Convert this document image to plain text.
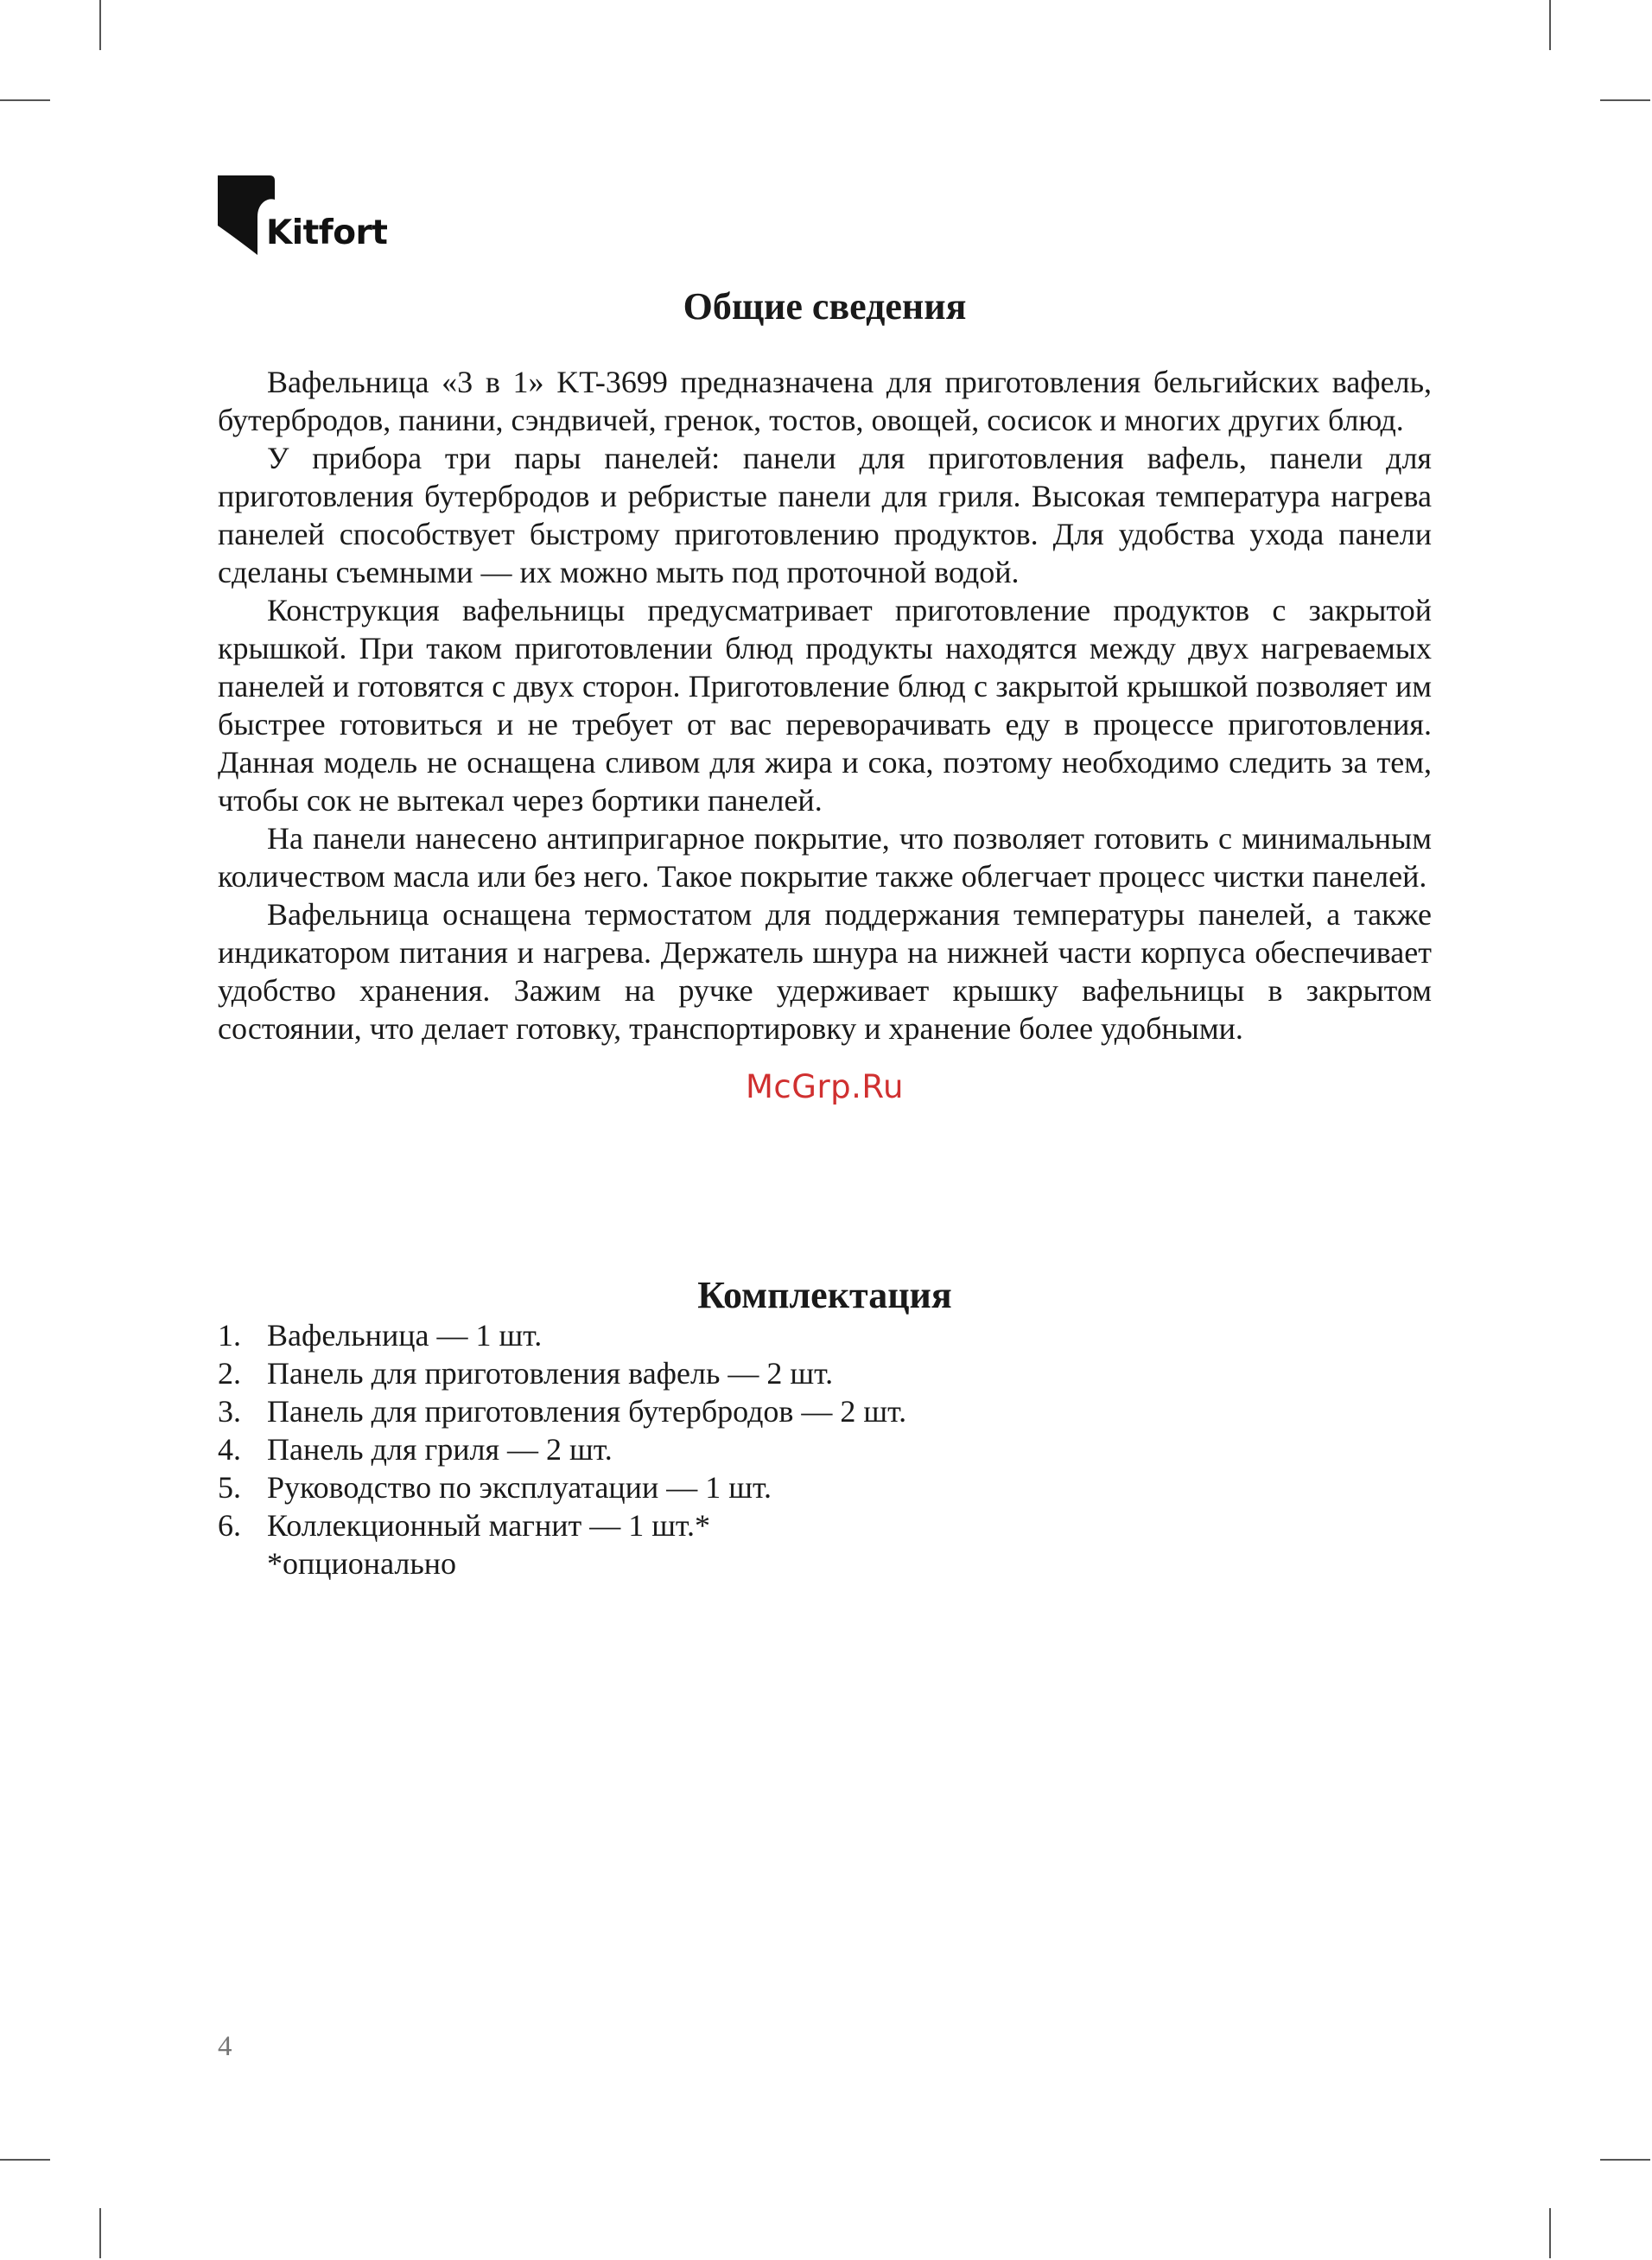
Kitfort
Общие сведения

Вафельница «3 в 1» KT-3699 предназначена для приготовления бельгийских вафель, бутербродов, панини, сэндвичей, гренок, тостов, овощей, сосисок и многих других блюд.

У прибора три пары панелей: панели для приготовления вафель, панели для приготовления бутербродов и ребристые панели для гриля. Высокая температура нагрева панелей способствует быстрому приготовлению продуктов. Для удобства ухода панели сделаны съемными — их можно мыть под проточной водой.

Конструкция вафельницы предусматривает приготовление продуктов с закрытой крышкой. При таком приготовлении блюд продукты находятся между двух нагреваемых панелей и готовятся с двух сторон. Приготовление блюд с закрытой крышкой позволяет им быстрее готовиться и не требует от вас переворачивать еду в процессе приготовления. Данная модель не оснащена сливом для жира и сока, поэтому необходимо следить за тем, чтобы сок не вытекал через бортики панелей.

На панели нанесено антипригарное покрытие, что позволяет готовить с минимальным количеством масла или без него. Такое покрытие также облегчает процесс чистки панелей.

Вафельница оснащена термостатом для поддержания температуры панелей, а также индикатором питания и нагрева. Держатель шнура на нижней части корпуса обеспечивает удобство хранения. Зажим на ручке удерживает крышку вафельницы в закрытом состоянии, что делает готовку, транспортировку и хранение более удобными.

McGrp.Ru
Комплектация
1. Вафельница — 1 шт.
2. Панель для приготовления вафель — 2 шт.
3. Панель для приготовления бутербродов — 2 шт.
4. Панель для гриля — 2 шт.
5. Руководство по эксплуатации — 1 шт.
6. Коллекционный магнит — 1 шт.*
*опционально
4
